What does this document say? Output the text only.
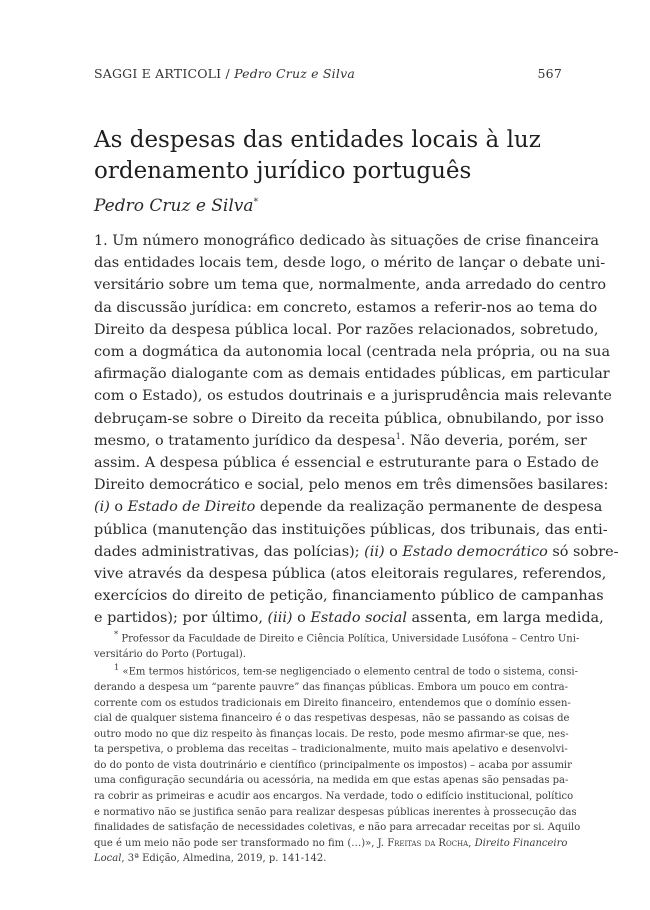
SAGGI E ARTICOLI / Pedro Cruz e Silva	567
As despesas das entidades locais à luz
ordenamento jurídico português
Pedro Cruz e Silva*
1. Um número monográfico dedicado às situações de crise financeira
das entidades locais tem, desde logo, o mérito de lançar o debate uni-
versitário sobre um tema que, normalmente, anda arredado do centro
da discussão jurídica: em concreto, estamos a referir-nos ao tema do
Direito da despesa pública local. Por razões relacionados, sobretudo,
com a dogmática da autonomia local (centrada nela própria, ou na sua
afirmação dialogante com as demais entidades públicas, em particular
com o Estado), os estudos doutrinais e a jurisprudência mais relevante
debruçam-se sobre o Direito da receita pública, obnubilando, por isso
mesmo, o tratamento jurídico da despesa$^1$. Não deveria, porém, ser
assim. A despesa pública é essencial e estruturante para o Estado de
Direito democrático e social, pelo menos em três dimensões basilares:
(i) o Estado de Direito depende da realização permanente de despesa
pública (manutenção das instituições públicas, dos tribunais, das enti-
dades administrativas, das polícias); (ii) o Estado democrático só sobre-
vive através da despesa pública (atos eleitorais regulares, referendos,
exercícios do direito de petição, financiamento público de campanhas
e partidos); por último, (iii) o Estado social assenta, em larga medida,
* Professor da Faculdade de Direito e Ciência Política, Universidade Lusófona – Centro Uni-
versitário do Porto (Portugal).
$^1$ «Em termos históricos, tem-se negligenciado o elemento central de todo o sistema, consi-
derando a despesa um “parente pauvre” das finanças públicas. Embora um pouco em contra-
corrente com os estudos tradicionais em Direito financeiro, entendemos que o domínio essen-
cial de qualquer sistema financeiro é o das respetivas despesas, não se passando as coisas de
outro modo no que diz respeito às finanças locais. De resto, pode mesmo afirmar-se que, nes-
ta perspetiva, o problema das receitas – tradicionalmente, muito mais apelativo e desenvolvi-
do do ponto de vista doutrinário e científico (principalmente os impostos) – acaba por assumir
uma configuração secundária ou acessória, na medida em que estas apenas são pensadas pa-
ra cobrir as primeiras e acudir aos encargos. Na verdade, todo o edifício institucional, político
e normativo não se justifica senão para realizar despesas públicas inerentes à prossecução das
finalidades de satisfação de necessidades coletivas, e não para arrecadar receitas por si. Aquilo
que é um meio não pode ser transformado no fim (…)», J. Freitas da Rocha, Direito Financeiro
Local, 3ª Edição, Almedina, 2019, p. 141-142.
